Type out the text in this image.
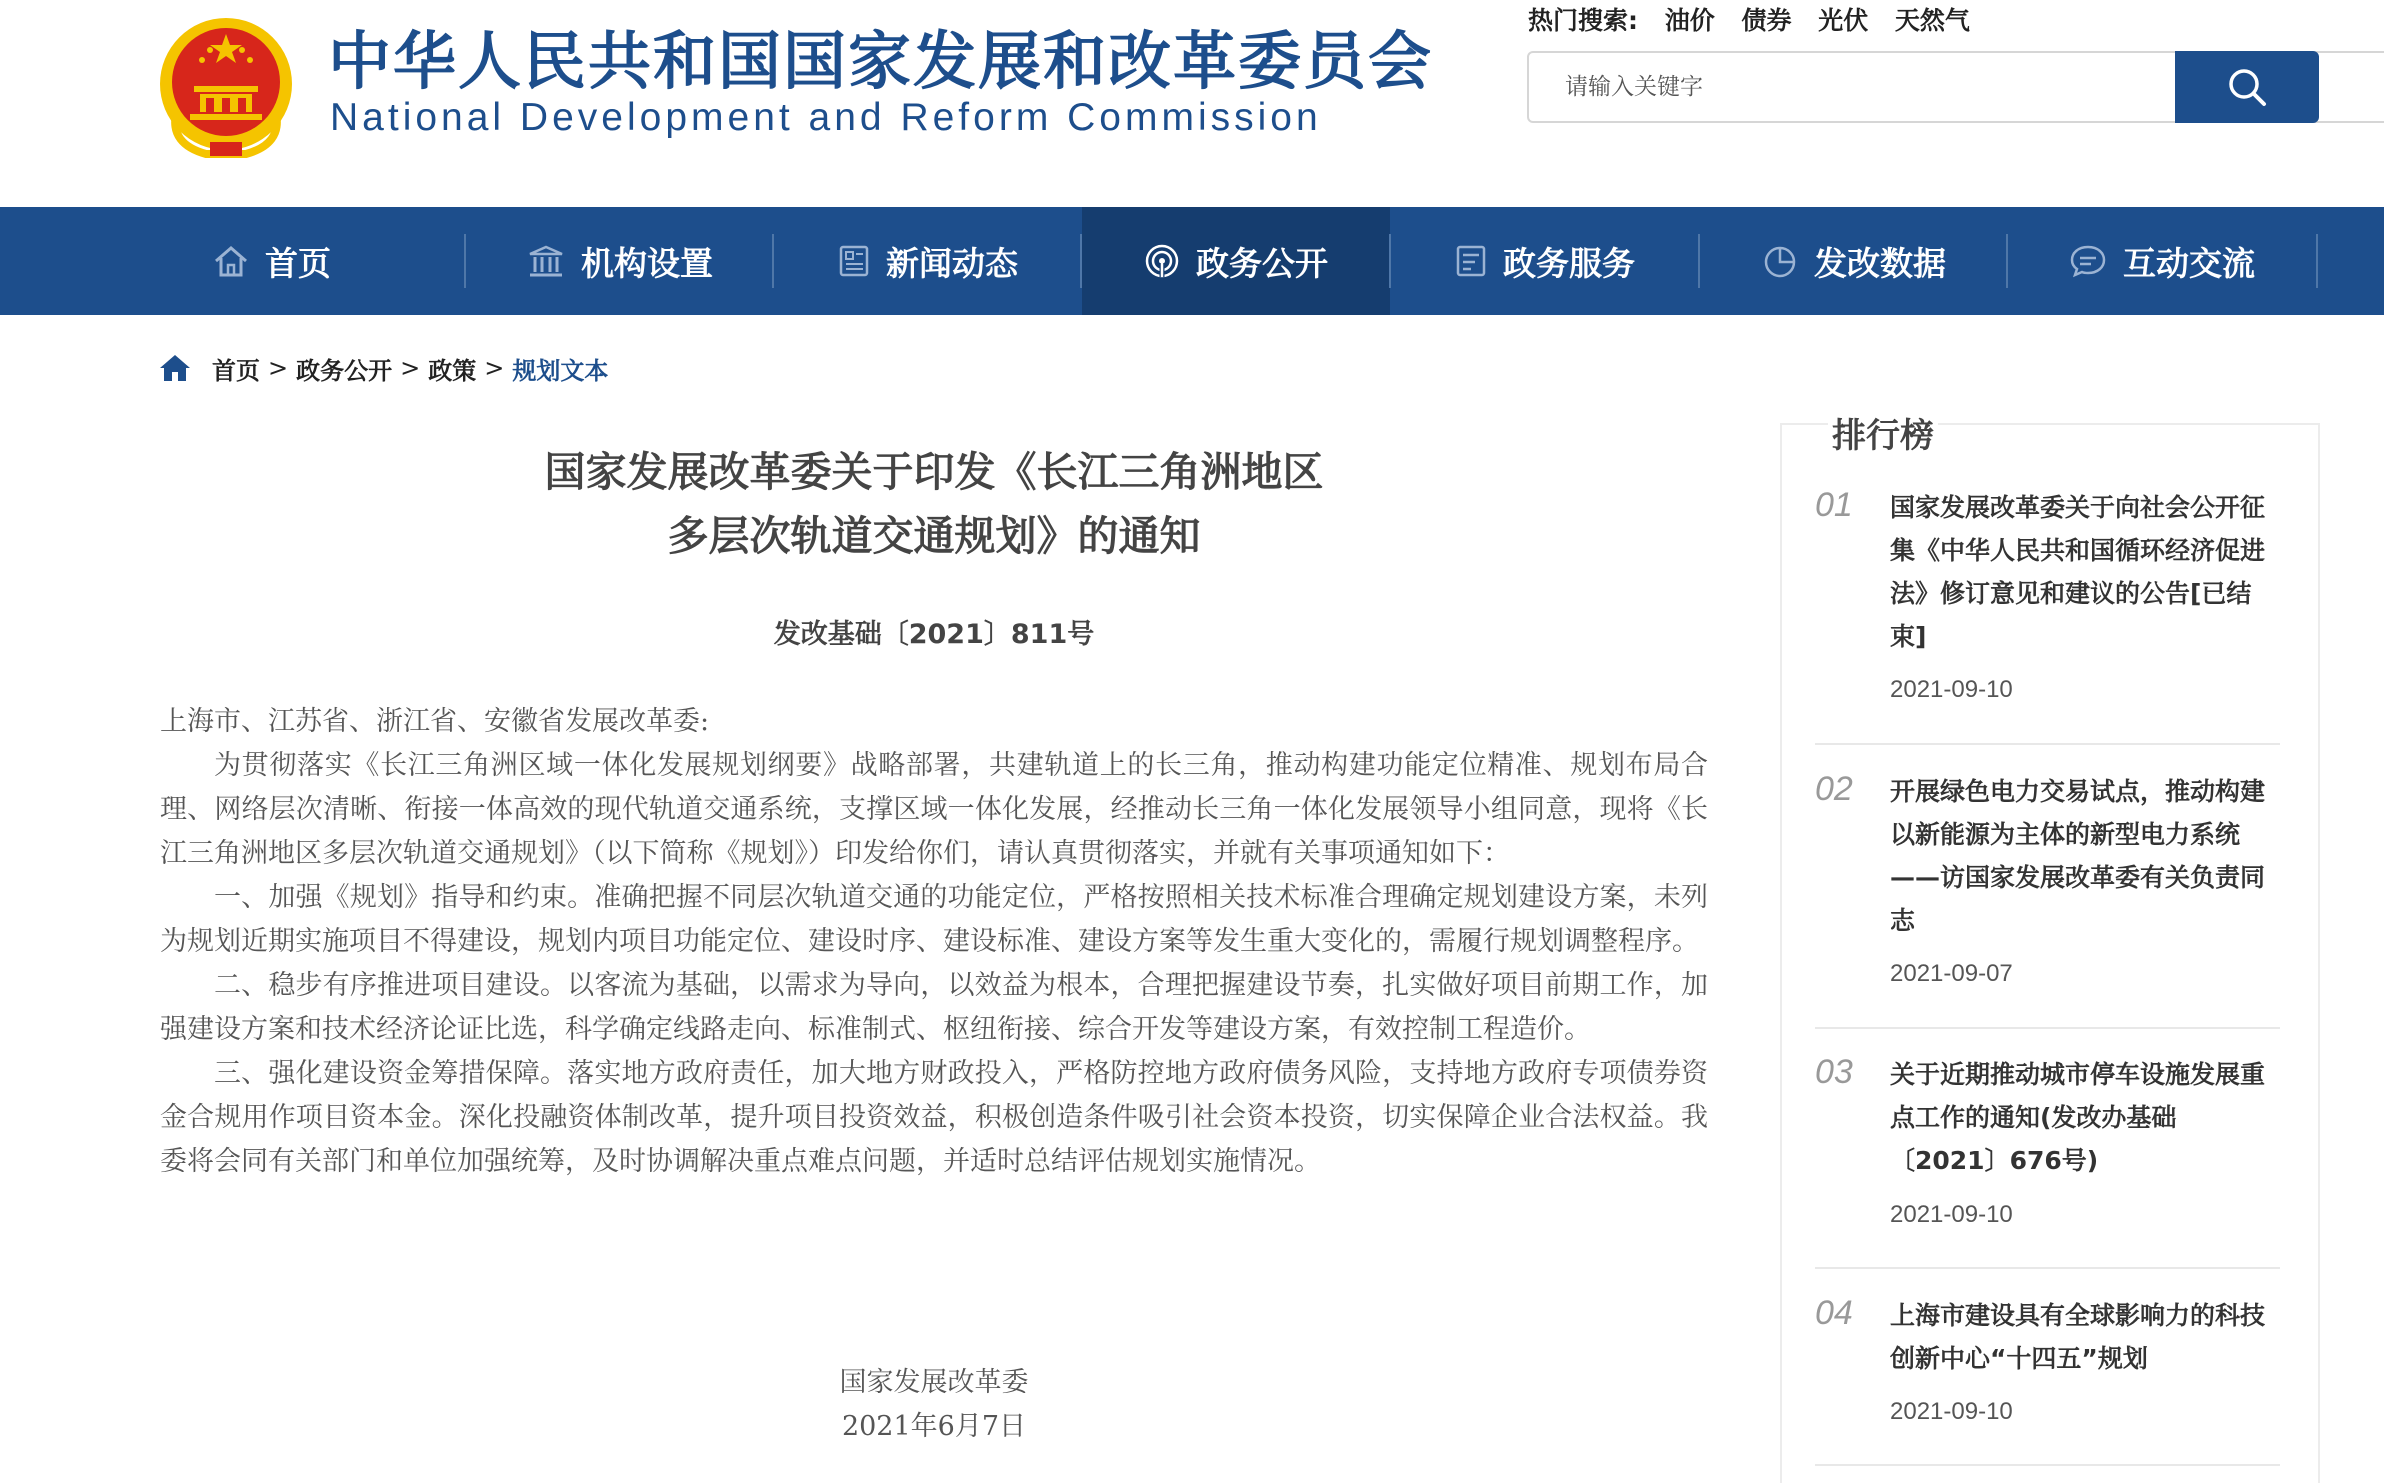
中华人民共和国国家发展和改革委员会
National Development and Reform Commission
热门搜索: 油价 债券 光伏 天然气
请输入关键字
首页	机构设置	新闻动态	政务公开	政务服务	发改数据	互动交流
首页 > 政务公开 > 政策 > 规划文本
国家发展改革委关于印发《长江三角洲地区
多层次轨道交通规划》的通知
发改基础〔2021〕811号

上海市、江苏省、浙江省、安徽省发展改革委:

为贯彻落实《长江三角洲区域一体化发展规划纲要》战略部署，共建轨道上的长三角，推动构建功能定位精准、规划布局合理、网络层次清晰、衔接一体高效的现代轨道交通系统，支撑区域一体化发展，经推动长三角一体化发展领导小组同意，现将《长江三角洲地区多层次轨道交通规划》（以下简称《规划》）印发给你们，请认真贯彻落实，并就有关事项通知如下：

一、加强《规划》指导和约束。准确把握不同层次轨道交通的功能定位，严格按照相关技术标准合理确定规划建设方案，未列为规划近期实施项目不得建设，规划内项目功能定位、建设时序、建设标准、建设方案等发生重大变化的，需履行规划调整程序。

二、稳步有序推进项目建设。以客流为基础，以需求为导向，以效益为根本，合理把握建设节奏，扎实做好项目前期工作，加强建设方案和技术经济论证比选，科学确定线路走向、标准制式、枢纽衔接、综合开发等建设方案，有效控制工程造价。

三、强化建设资金筹措保障。落实地方政府责任，加大地方财政投入，严格防控地方政府债务风险，支持地方政府专项债券资金合规用作项目资本金。深化投融资体制改革，提升项目投资效益，积极创造条件吸引社会资本投资，切实保障企业合法权益。我委将会同有关部门和单位加强统筹，及时协调解决重点难点问题，并适时总结评估规划实施情况。

国家发展改革委
2021年6月7日
排行榜
01 国家发展改革委关于向社会公开征集《中华人民共和国循环经济促进法》修订意见和建议的公告[已结束]
2021-09-10
02 开展绿色电力交易试点，推动构建以新能源为主体的新型电力系统——访国家发展改革委有关负责同志
2021-09-07
03 关于近期推动城市停车设施发展重点工作的通知(发改办基础〔2021〕676号)
2021-09-10
04 上海市建设具有全球影响力的科技创新中心“十四五”规划
2021-09-10
